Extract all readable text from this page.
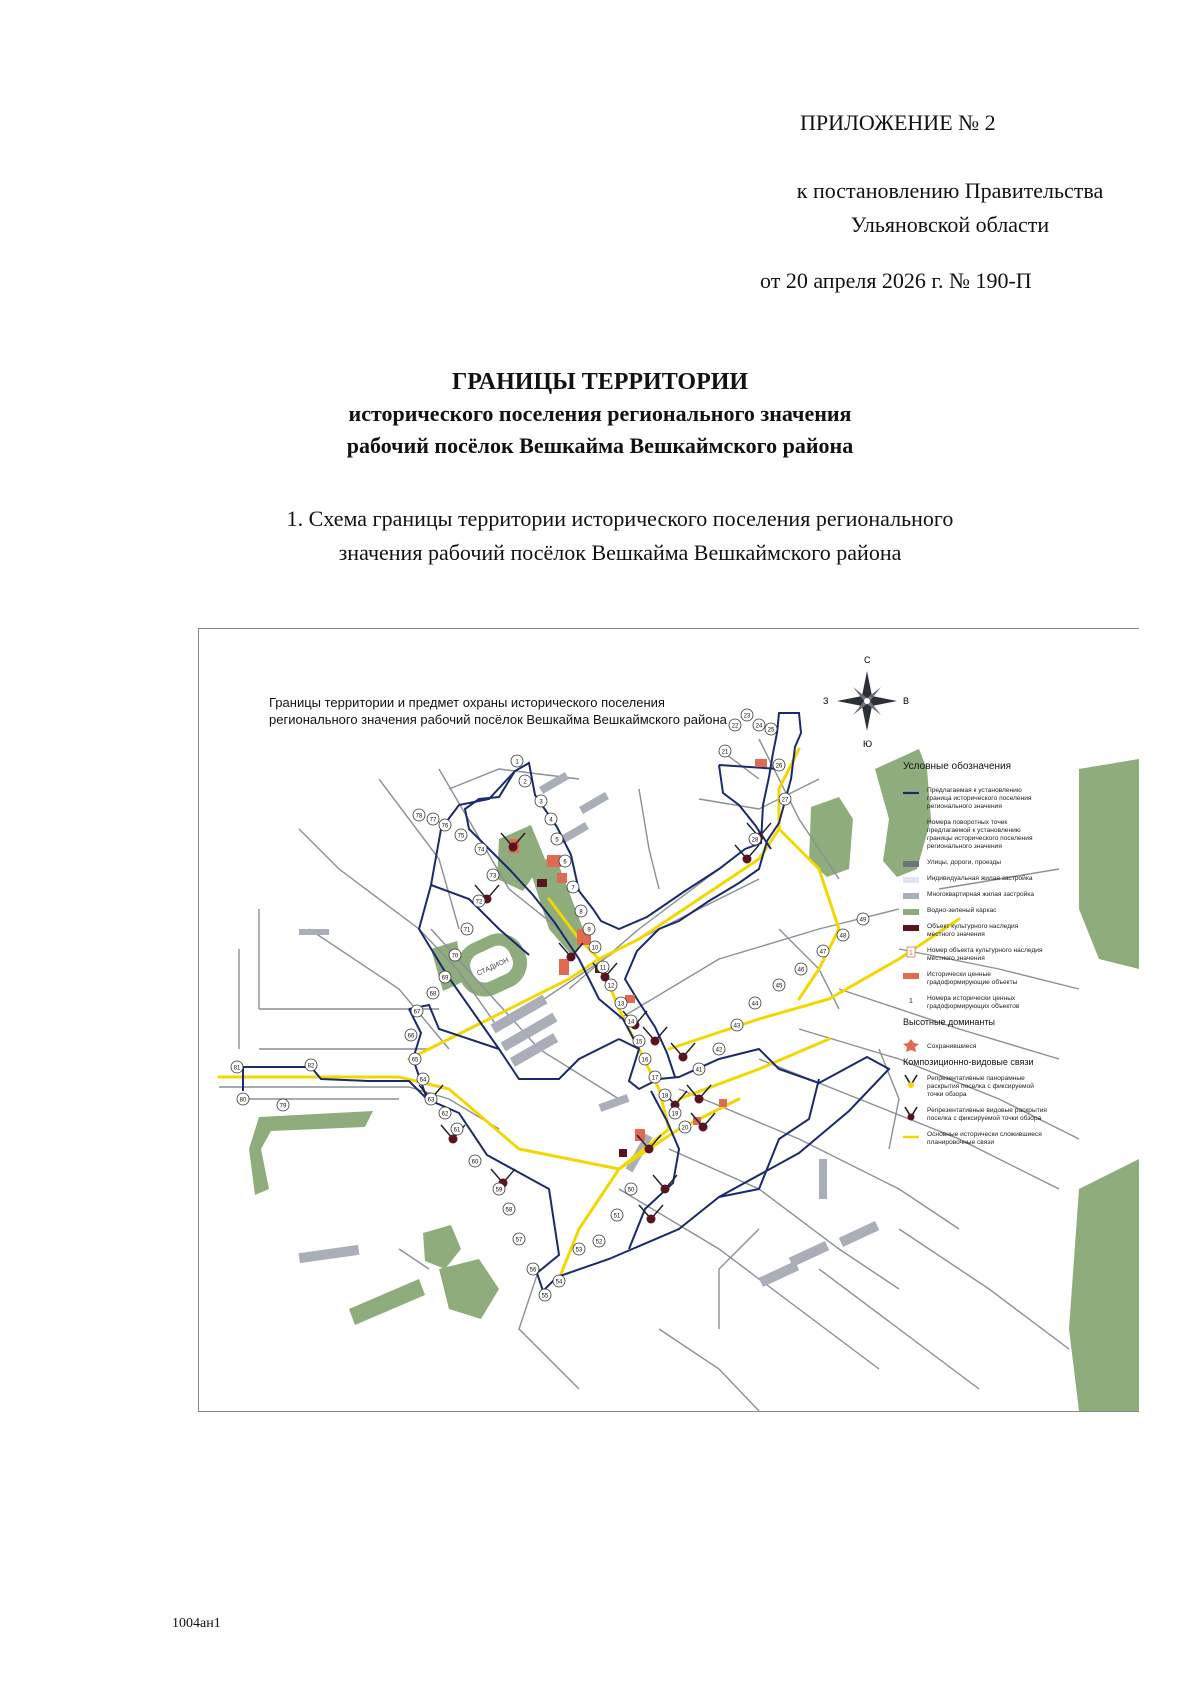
ПРИЛОЖЕНИЕ № 2
к постановлению Правительства
Ульяновской области
от 20 апреля 2026 г. № 190-П
ГРАНИЦЫ ТЕРРИТОРИИ
исторического поселения регионального значения
рабочий посёлок Вешкайма Вешкаймского района
1. Схема границы территории исторического поселения регионального
значения рабочий посёлок Вешкайма Вешкаймского района
СТАДИОН
1
2
3
4
5
6
7
8
9
10
11
12
13
14
15
16
17
18
19
20
21
22
23
24
25
26
27
28
41
42
43
44
45
46
47
48
49
50
51
52
53
54
55
56
57
58
59
60
61
62
63
64
65
66
67
68
69
70
71
72
73
74
75
76
77
78
79
80
81	82
Границы территории и предмет охраны исторического поселения
регионального значения рабочий посёлок Вешкайма Вешкаймского района
С
Ю
З	В
Условные обозначения
Предлагаемая к установлению граница исторического поселения регионального значения
Номера поворотных точек предлагаемой к установлению границы исторического поселения регионального значения
Улицы, дороги, проезды
Индивидуальная жилая застройка
Многоквартирная жилая застройка
Водно-зеленый каркас
Объект культурного наследия местного значения
1 Номер объекта культурного наследия местного значения
Исторически ценные градоформирующие объекты
1 Номера исторически ценных градоформирующих объектов
Высотные доминанты
Сохранившиеся
Композиционно-видовые связи
Репрезентативные панорамные раскрытия поселка с фиксируемой точки обзора
Репрезентативные видовые раскрытия поселка с фиксируемой точки обзора
Основные исторически сложившиеся планировочные связи
1004ан1
